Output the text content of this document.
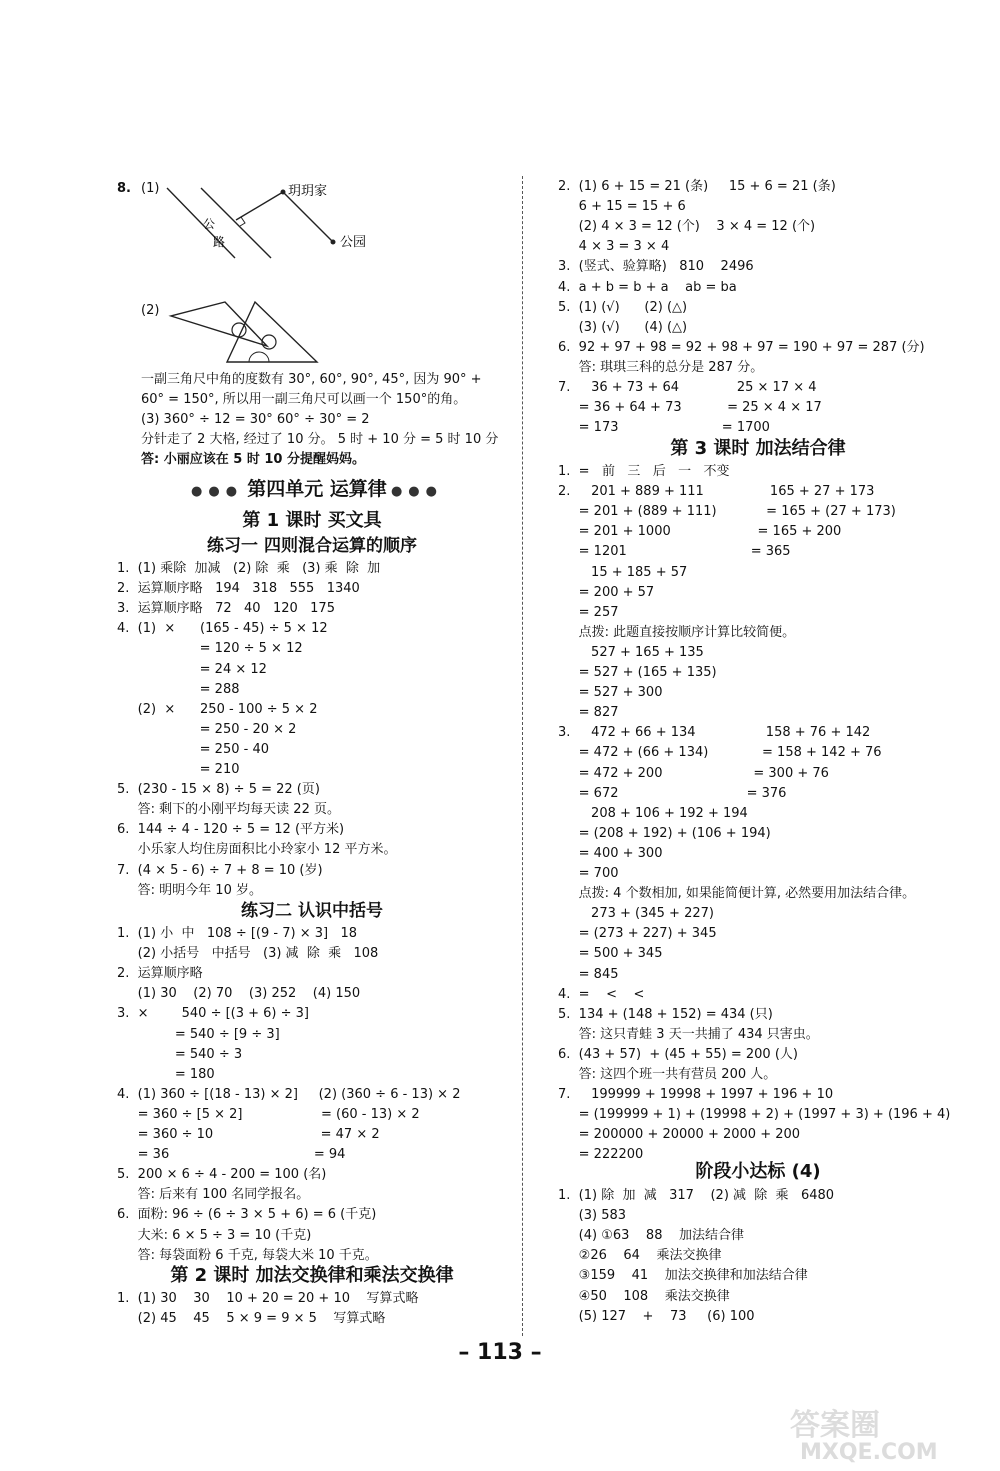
8. (1)	玥玥家
公园
公
路
(2)
一副三角尺中角的度数有 30°, 60°, 90°, 45°, 因为 90° +
60° = 150°, 所以用一副三角尺可以画一个 150°的角。
(3) 360° ÷ 12 = 30° 60° ÷ 30° = 2
分针走了 2 大格, 经过了 10 分。 5 时 + 10 分 = 5 时 10 分
答: 小丽应该在 5 时 10 分提醒妈妈。
●●● 第四单元 运算律 ●●●
第 1 课时 买文具
练习一 四则混合运算的顺序
1.  (1) 乘除  加减   (2) 除  乘   (3) 乘  除  加
2.  运算顺序略   194   318   555   1340
3.  运算顺序略   72   40   120   175
4.  (1)  ×      (165 - 45) ÷ 5 × 12
= 120 ÷ 5 × 12
= 24 × 12
= 288
(2)  ×      250 - 100 ÷ 5 × 2
= 250 - 20 × 2
= 250 - 40
= 210
5.  (230 - 15 × 8) ÷ 5 = 22 (页)
答: 剩下的小刚平均每天读 22 页。
6.  144 ÷ 4 - 120 ÷ 5 = 12 (平方米)
小乐家人均住房面积比小玲家小 12 平方米。
7.  (4 × 5 - 6) ÷ 7 + 8 = 10 (岁)
答: 明明今年 10 岁。
练习二 认识中括号
1.  (1) 小  中   108 ÷ [(9 - 7) × 3]   18
(2) 小括号   中括号   (3) 减  除  乘   108
2.  运算顺序略
(1) 30    (2) 70    (3) 252    (4) 150
3.  ×        540 ÷ [(3 + 6) ÷ 3]
= 540 ÷ [9 ÷ 3]
= 540 ÷ 3
= 180
4.  (1) 360 ÷ [(18 - 13) × 2]     (2) (360 ÷ 6 - 13) × 2
= 360 ÷ [5 × 2]                   = (60 - 13) × 2
= 360 ÷ 10                          = 47 × 2
= 36                                   = 94
5.  200 × 6 ÷ 4 - 200 = 100 (名)
答: 后来有 100 名同学报名。
6.  面粉: 96 ÷ (6 ÷ 3 × 5 + 6) = 6 (千克)
大米: 6 × 5 ÷ 3 = 10 (千克)
答: 每袋面粉 6 千克, 每袋大米 10 千克。
第 2 课时 加法交换律和乘法交换律
1.  (1) 30    30    10 + 20 = 20 + 10    写算式略
(2) 45    45    5 × 9 = 9 × 5    写算式略
2.  (1) 6 + 15 = 21 (条)     15 + 6 = 21 (条)
6 + 15 = 15 + 6
(2) 4 × 3 = 12 (个)    3 × 4 = 12 (个)
4 × 3 = 3 × 4
3.  (竖式、验算略)   810    2496
4.  a + b = b + a    ab = ba
5.  (1) (√)      (2) (△)
(3) (√)      (4) (△)
6.  92 + 97 + 98 = 92 + 98 + 97 = 190 + 97 = 287 (分)
答: 琪琪三科的总分是 287 分。
7.     36 + 73 + 64              25 × 17 × 4
= 36 + 64 + 73           = 25 × 4 × 17
= 173                         = 1700
第 3 课时 加法结合律
1.  =   前   三   后   一   不变
2.     201 + 889 + 111                165 + 27 + 173
= 201 + (889 + 111)            = 165 + (27 + 173)
= 201 + 1000                     = 165 + 200
= 1201                              = 365
15 + 185 + 57
= 200 + 57
= 257
点拨: 此题直接按顺序计算比较简便。
527 + 165 + 135
= 527 + (165 + 135)
= 527 + 300
= 827
3.     472 + 66 + 134                 158 + 76 + 142
= 472 + (66 + 134)             = 158 + 142 + 76
= 472 + 200                      = 300 + 76
= 672                               = 376
208 + 106 + 192 + 194
= (208 + 192) + (106 + 194)
= 400 + 300
= 700
点拨: 4 个数相加, 如果能简便计算, 必然要用加法结合律。
273 + (345 + 227)
= (273 + 227) + 345
= 500 + 345
= 845
4.  =    <    <
5.  134 + (148 + 152) = 434 (只)
答: 这只青蛙 3 天一共捕了 434 只害虫。
6.  (43 + 57)  + (45 + 55) = 200 (人)
答: 这四个班一共有营员 200 人。
7.     199999 + 19998 + 1997 + 196 + 10
= (199999 + 1) + (19998 + 2) + (1997 + 3) + (196 + 4)
= 200000 + 20000 + 2000 + 200
= 222200
阶段小达标 (4)
1.  (1) 除  加  减   317    (2) 减  除  乘   6480
(3) 583
(4) ①63    88    加法结合律
②26    64    乘法交换律
③159    41    加法交换律和加法结合律
④50    108    乘法交换律
(5) 127    +    73     (6) 100
– 113 –
答案圈
MXQE.COM
